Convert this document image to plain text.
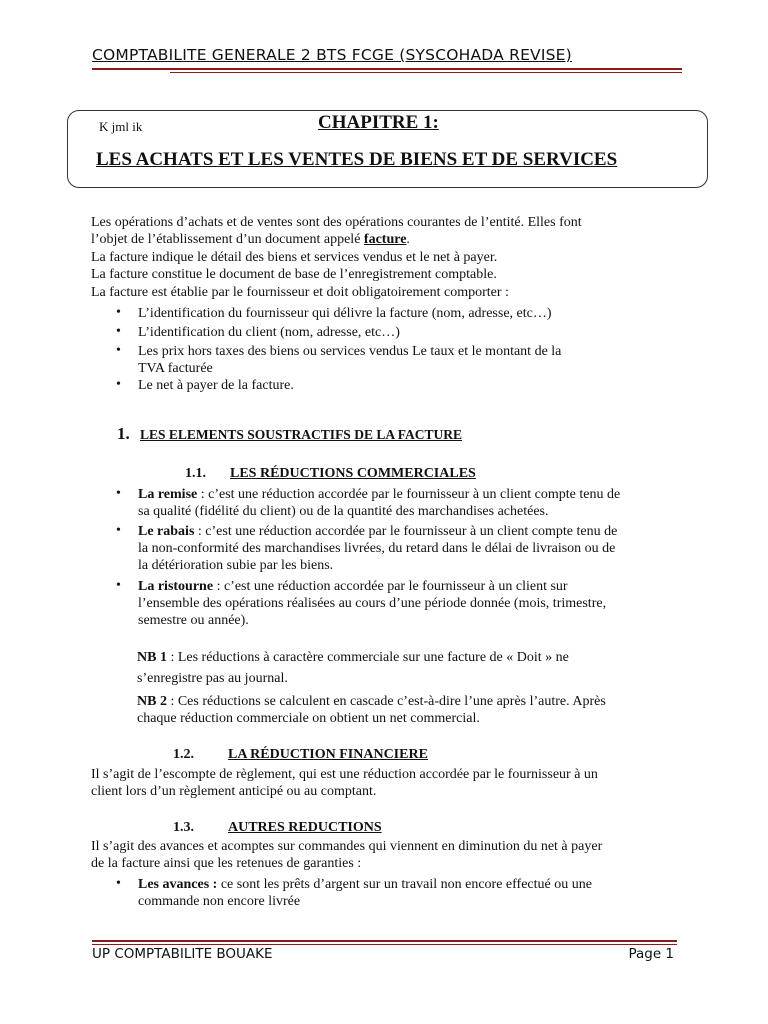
COMPTABILITE GENERALE 2 BTS FCGE (SYSCOHADA REVISE)
K jml ik	CHAPITRE 1:
LES ACHATS ET LES VENTES DE BIENS ET DE SERVICES
Les opérations d’achats et de ventes sont des opérations courantes de l’entité. Elles font
l’objet de l’établissement d’un document appelé facture.
La facture indique le détail des biens et services vendus et le net à payer.
La facture constitue le document de base de l’enregistrement comptable.
La facture est établie par le fournisseur et doit obligatoirement comporter :
• L’identification du fournisseur qui délivre la facture (nom, adresse, etc…)
• L’identification du client (nom, adresse, etc…)
• Les prix hors taxes des biens ou services vendus Le taux et le montant de la
TVA facturée
• Le net à payer de la facture.
1. LES ELEMENTS SOUSTRACTIFS DE LA FACTURE
1.1. LES RÉDUCTIONS COMMERCIALES
• La remise : c’est une réduction accordée par le fournisseur à un client compte tenu de
sa qualité (fidélité du client) ou de la quantité des marchandises achetées.
• Le rabais : c’est une réduction accordée par le fournisseur à un client compte tenu de
la non-conformité des marchandises livrées, du retard dans le délai de livraison ou de
la détérioration subie par les biens.
• La ristourne : c’est une réduction accordée par le fournisseur à un client sur
l’ensemble des opérations réalisées au cours d’une période donnée (mois, trimestre,
semestre ou année).
NB 1 : Les réductions à caractère commerciale sur une facture de « Doit » ne
s’enregistre pas au journal.
NB 2 : Ces réductions se calculent en cascade c’est-à-dire l’une après l’autre. Après
chaque réduction commerciale on obtient un net commercial.
1.2. LA RÉDUCTION FINANCIERE
Il s’agit de l’escompte de règlement, qui est une réduction accordée par le fournisseur à un
client lors d’un règlement anticipé ou au comptant.
1.3. AUTRES REDUCTIONS
Il s’agit des avances et acomptes sur commandes qui viennent en diminution du net à payer
de la facture ainsi que les retenues de garanties :
• Les avances : ce sont les prêts d’argent sur un travail non encore effectué ou une
commande non encore livrée
UP COMPTABILITE BOUAKE	Page 1
